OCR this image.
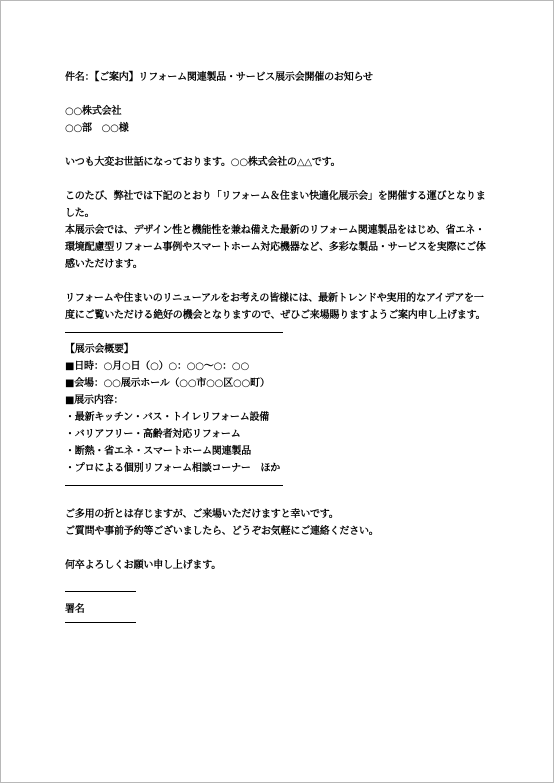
件名：【ご案内】リフォーム関連製品・サービス展示会開催のお知らせ
○○株式会社
○○部　○○様
いつも大変お世話になっております。○○株式会社の△△です。
このたび、弊社では下記のとおり「リフォーム＆住まい快適化展示会」を開催する運びとなりま
した。
本展示会では、デザイン性と機能性を兼ね備えた最新のリフォーム関連製品をはじめ、省エネ・
環境配慮型リフォーム事例やスマートホーム対応機器など、多彩な製品・サービスを実際にご体
感いただけます。
リフォームや住まいのリニューアルをお考えの皆様には、最新トレンドや実用的なアイデアを一
度にご覧いただける絶好の機会となりますので、ぜひご来場賜りますようご案内申し上げます。
【展示会概要】
■日時：○月○日（○）○：○○～○：○○
■会場：○○展示ホール（○○市○○区○○町）
■展示内容：
・最新キッチン・バス・トイレリフォーム設備
・バリアフリー・高齢者対応リフォーム
・断熱・省エネ・スマートホーム関連製品
・プロによる個別リフォーム相談コーナー　ほか
ご多用の折とは存じますが、ご来場いただけますと幸いです。
ご質問や事前予約等ございましたら、どうぞお気軽にご連絡ください。
何卒よろしくお願い申し上げます。
署名
